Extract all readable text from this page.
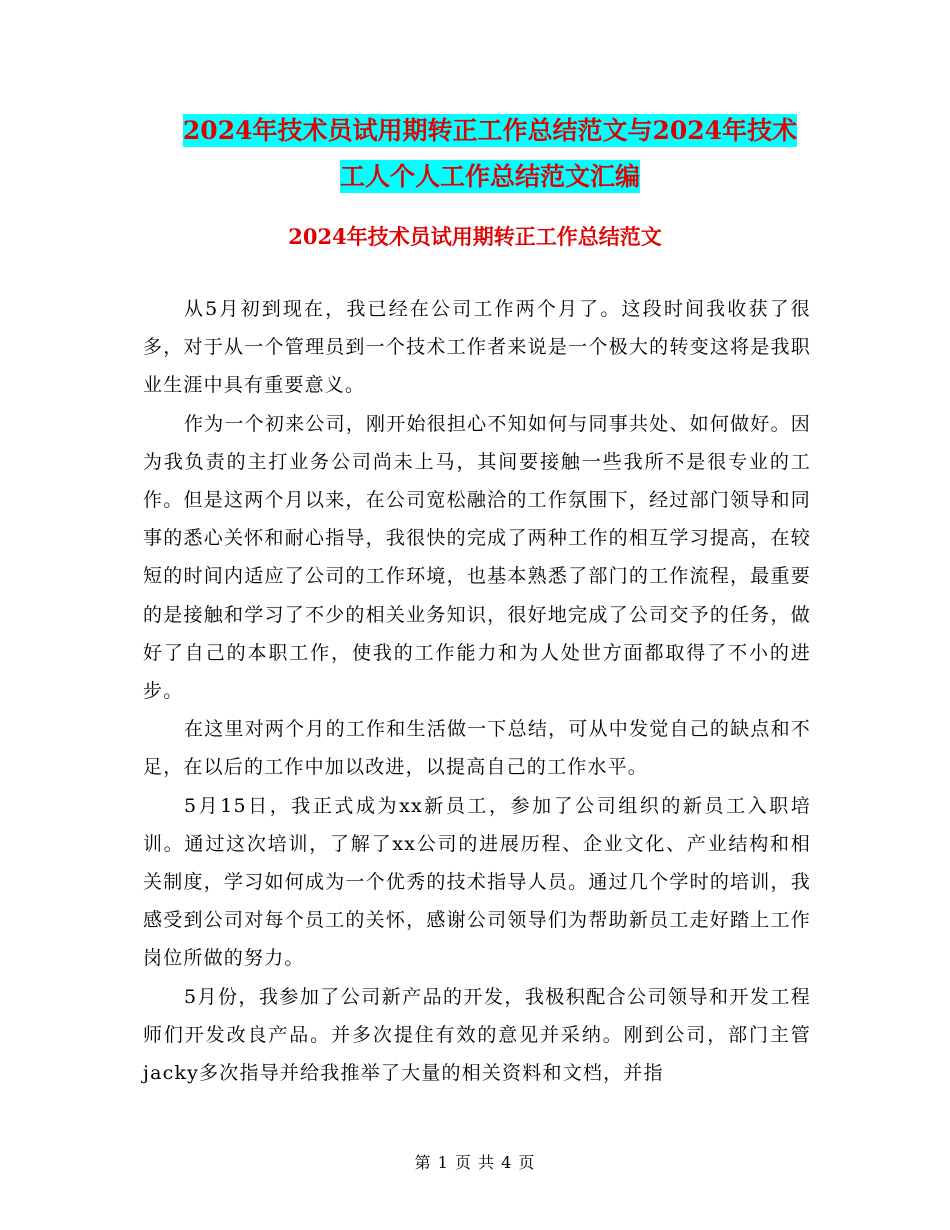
2024年技术员试用期转正工作总结范文与2024年技术
工人个人工作总结范文汇编
2024年技术员试用期转正工作总结范文

从5月初到现在，我已经在公司工作两个月了。这段时间我收获了很多，对于从一个管理员到一个技术工作者来说是一个极大的转变这将是我职业生涯中具有重要意义。

作为一个初来公司，刚开始很担心不知如何与同事共处、如何做好。因为我负责的主打业务公司尚未上马，其间要接触一些我所不是很专业的工作。但是这两个月以来，在公司宽松融洽的工作氛围下，经过部门领导和同事的悉心关怀和耐心指导，我很快的完成了两种工作的相互学习提高，在较短的时间内适应了公司的工作环境，也基本熟悉了部门的工作流程，最重要的是接触和学习了不少的相关业务知识，很好地完成了公司交予的任务，做好了自己的本职工作，使我的工作能力和为人处世方面都取得了不小的进步。

在这里对两个月的工作和生活做一下总结，可从中发觉自己的缺点和不足，在以后的工作中加以改进，以提高自己的工作水平。

5月15日，我正式成为xx新员工，参加了公司组织的新员工入职培训。通过这次培训，了解了xx公司的进展历程、企业文化、产业结构和相关制度，学习如何成为一个优秀的技术指导人员。通过几个学时的培训，我感受到公司对每个员工的关怀，感谢公司领导们为帮助新员工走好踏上工作岗位所做的努力。

5月份，我参加了公司新产品的开发，我极积配合公司领导和开发工程师们开发改良产品。并多次提住有效的意见并采纳。刚到公司，部门主管jacky多次指导并给我推举了大量的相关资料和文档，并指

第 1 页 共 4 页
